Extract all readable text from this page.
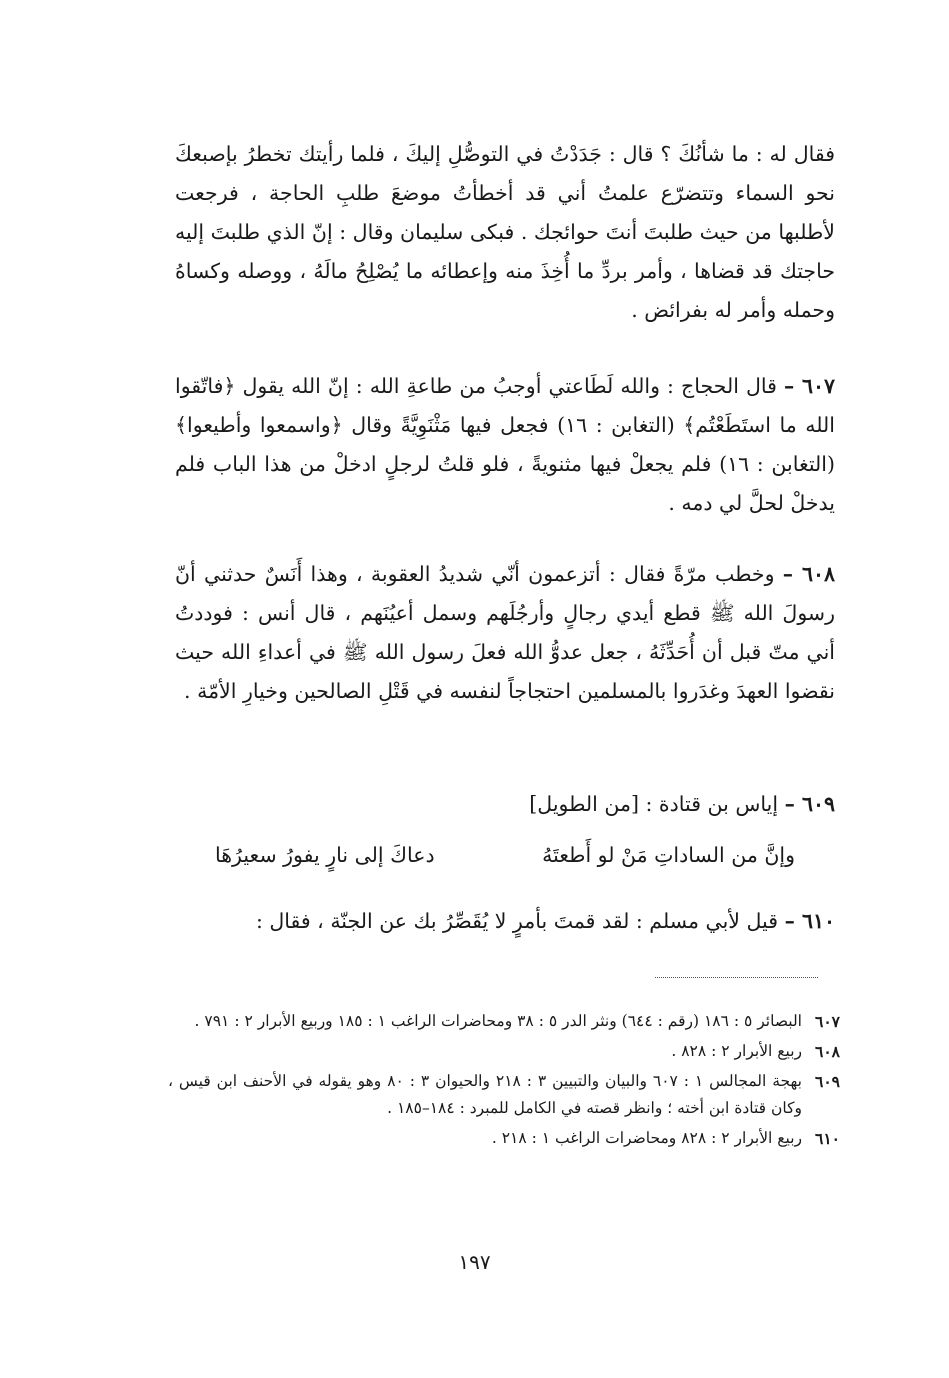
فقال له : ما شأنُكَ ؟ قال : جَدَدْتُ في التوصُّلِ إليكَ ، فلما رأيتك تخطرُ بإصبعكَ نحو السماء وتتضرّع علمتُ أني قد أخطأتُ موضعَ طلبِ الحاجة ، فرجعت لأطلبها من حيث طلبتَ أنتَ حوائجك . فبكى سليمان وقال : إنّ الذي طلبتَ إليه حاجتك قد قضاها ، وأمر بردِّ ما أُخِذَ منه وإعطائه ما يُصْلِحُ مالَهُ ، ووصله وكساهُ وحمله وأمر له بفرائض .
٦٠٧ – قال الحجاج : والله لَطَاعتي أوجبُ من طاعةِ الله : إنّ الله يقول ﴿فاتّقوا الله ما استَطَعْتُم﴾ (التغابن : ١٦) فجعل فيها مَثْنَوِيَّةً وقال ﴿واسمعوا وأطيعوا﴾ (التغابن : ١٦) فلم يجعلْ فيها مثنويةً ، فلو قلتُ لرجلٍ ادخلْ من هذا الباب فلم يدخلْ لحلَّ لي دمه .
٦٠٨ – وخطب مرّةً فقال : أتزعمون أنّي شديدُ العقوبة ، وهذا أَنَسٌ حدثني أنّ رسولَ الله ﷺ قطع أيدي رجالٍ وأرجُلَهم وسمل أعيُنَهم ، قال أنس : فوددتُ أني متّ قبل أن أُحَدِّثَهُ ، جعل عدوُّ الله فعلَ رسول الله ﷺ في أعداءِ الله حيث نقضوا العهدَ وغدَروا بالمسلمين احتجاجاً لنفسه في قَتْلِ الصالحين وخيارِ الأمّة .
٦٠٩ – إياس بن قتادة : [من الطويل]
وإنَّ من الساداتِ مَنْ لو أَطعتَهُ
دعاكَ إلى نارٍ يفورُ سعيرُهَا
٦١٠ – قيل لأبي مسلم : لقد قمتَ بأمرٍ لا يُقَصِّرُ بك عن الجنّة ، فقال :
٦٠٧
البصائر ٥ : ١٨٦ (رقم : ٦٤٤) ونثر الدر ٥ : ٣٨ ومحاضرات الراغب ١ : ١٨٥ وربيع الأبرار ٢ : ٧٩١ .
٦٠٨
ربيع الأبرار ٢ : ٨٢٨ .
٦٠٩
بهجة المجالس ١ : ٦٠٧ والبيان والتبيين ٣ : ٢١٨ والحيوان ٣ : ٨٠ وهو يقوله في الأحنف ابن قيس ، وكان قتادة ابن أخته ؛ وانظر قصته في الكامل للمبرد : ١٨٤–١٨٥ .
٦١٠
ربيع الأبرار ٢ : ٨٢٨ ومحاضرات الراغب ١ : ٢١٨ .
١٩٧
